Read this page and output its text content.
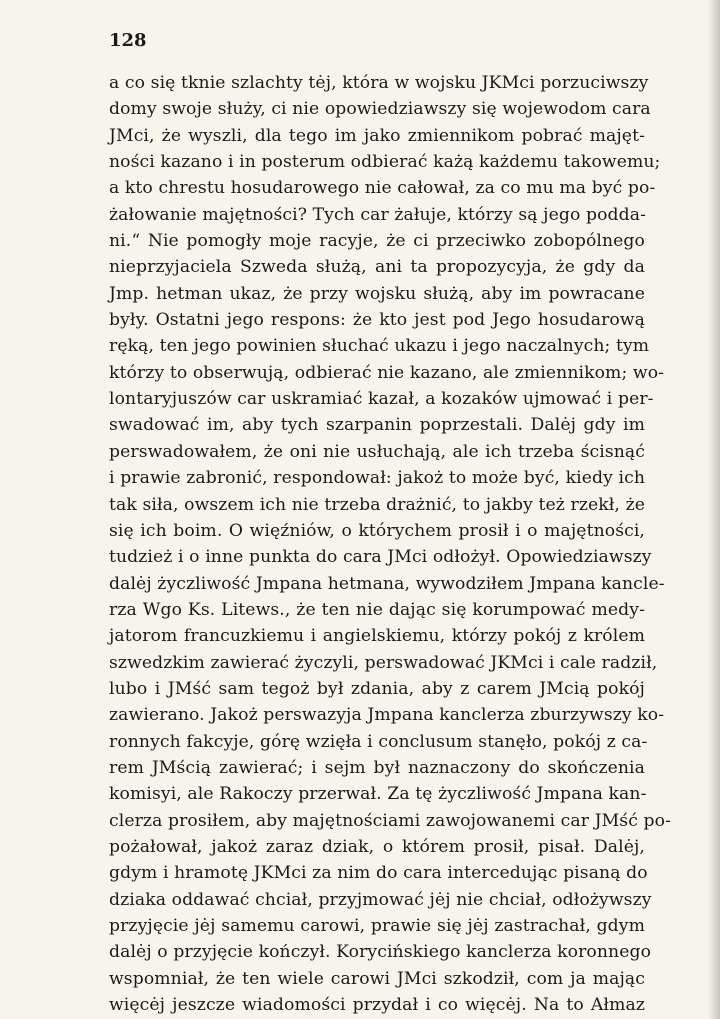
128
a co się tknie szlachty tėj, która w wojsku JKMci porzuciwszy
domy swoje służy, ci nie opowiedziawszy się wojewodom cara
JMci, że wyszli, dla tego im jako zmiennikom pobrać majęt-
ności kazano i in posterum odbierać każą każdemu takowemu;
a kto chrestu hosudarowego nie całował, za co mu ma być po-
żałowanie majętności? Tych car żałuje, którzy są jego podda-
ni.“ Nie pomogły moje racyje, że ci przeciwko zobopólnego
nieprzyjaciela Szweda służą, ani ta propozycyja, że gdy da
Jmp. hetman ukaz, że przy wojsku służą, aby im powracane
były. Ostatni jego respons: że kto jest pod Jego hosudarową
ręką, ten jego powinien słuchać ukazu i jego naczalnych; tym
którzy to obserwują, odbierać nie kazano, ale zmiennikom; wo-
lontaryjuszów car uskramiać kazał, a kozaków ujmować i per-
swadować im, aby tych szarpanin poprzestali. Dalėj gdy im
perswadowałem, że oni nie usłuchają, ale ich trzeba ścisnąć
i prawie zabronić, respondował: jakoż to może być, kiedy ich
tak siła, owszem ich nie trzeba drażnić, to jakby też rzekł, że
się ich boim. O więźniów, o którychem prosił i o majętności,
tudzież i o inne punkta do cara JMci odłożył. Opowiedziawszy
dalėj życzliwość Jmpana hetmana, wywodziłem Jmpana kancle-
rza Wgo Ks. Litews., że ten nie dając się korumpować medy-
jatorom francuzkiemu i angielskiemu, którzy pokój z królem
szwedzkim zawierać życzyli, perswadować JKMci i cale radził,
lubo i JMść sam tegoż był zdania, aby z carem JMcią pokój
zawierano. Jakoż perswazyja Jmpana kanclerza zburzywszy ko-
ronnych fakcyje, górę wzięła i conclusum stanęło, pokój z ca-
rem JMścią zawierać; i sejm był naznaczony do skończenia
komisyi, ale Rakoczy przerwał. Za tę życzliwość Jmpana kan-
clerza prosiłem, aby majętnościami zawojowanemi car JMść po-
pożałował, jakoż zaraz dziak, o którem prosił, pisał. Dalėj,
gdym i hramotę JKMci za nim do cara intercedując pisaną do
dziaka oddawać chciał, przyjmować jėj nie chciał, odłożywszy
przyjęcie jėj samemu carowi, prawie się jėj zastrachał, gdym
dalėj o przyjęcie kończył. Korycińskiego kanclerza koronnego
wspomniał, że ten wiele carowi JMci szkodził, com ja mając
więcėj jeszcze wiadomości przydał i co więcėj. Na to Ałmaz
